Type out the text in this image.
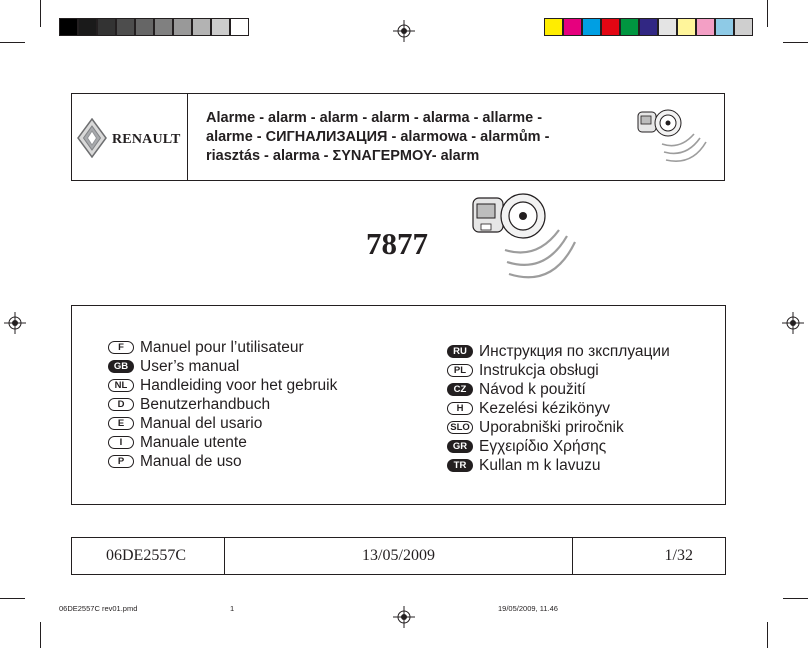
RENAULT
Alarme - alarm - alarm - alarm - alarma - allarme -
alarme - СИГНАЛИЗАЦИЯ - alarmowa - alarmům -
riasztás - alarma - ΣΥΝΑΓΕΡΜΟΥ- alarm
7877
F	Manuel pour l’utilisateur
GB User’s manual
NL Handleiding voor het gebruik
D	Benutzerhandbuch
E	Manual del usario
I	Manuale utente
P	Manual de uso
RU Инструкция по зксплуации
PL Instrukcja obsługi
CZ Návod k použití
H	Kezelési kézikönyv
SLO Uporabniški priročnik
GR Εγχειρίδιο Χρήσης
TR Kullan m k lavuzu
06DE2557C	13/05/2009	1/32
06DE2557C rev01.pmd	1	19/05/2009, 11.46
